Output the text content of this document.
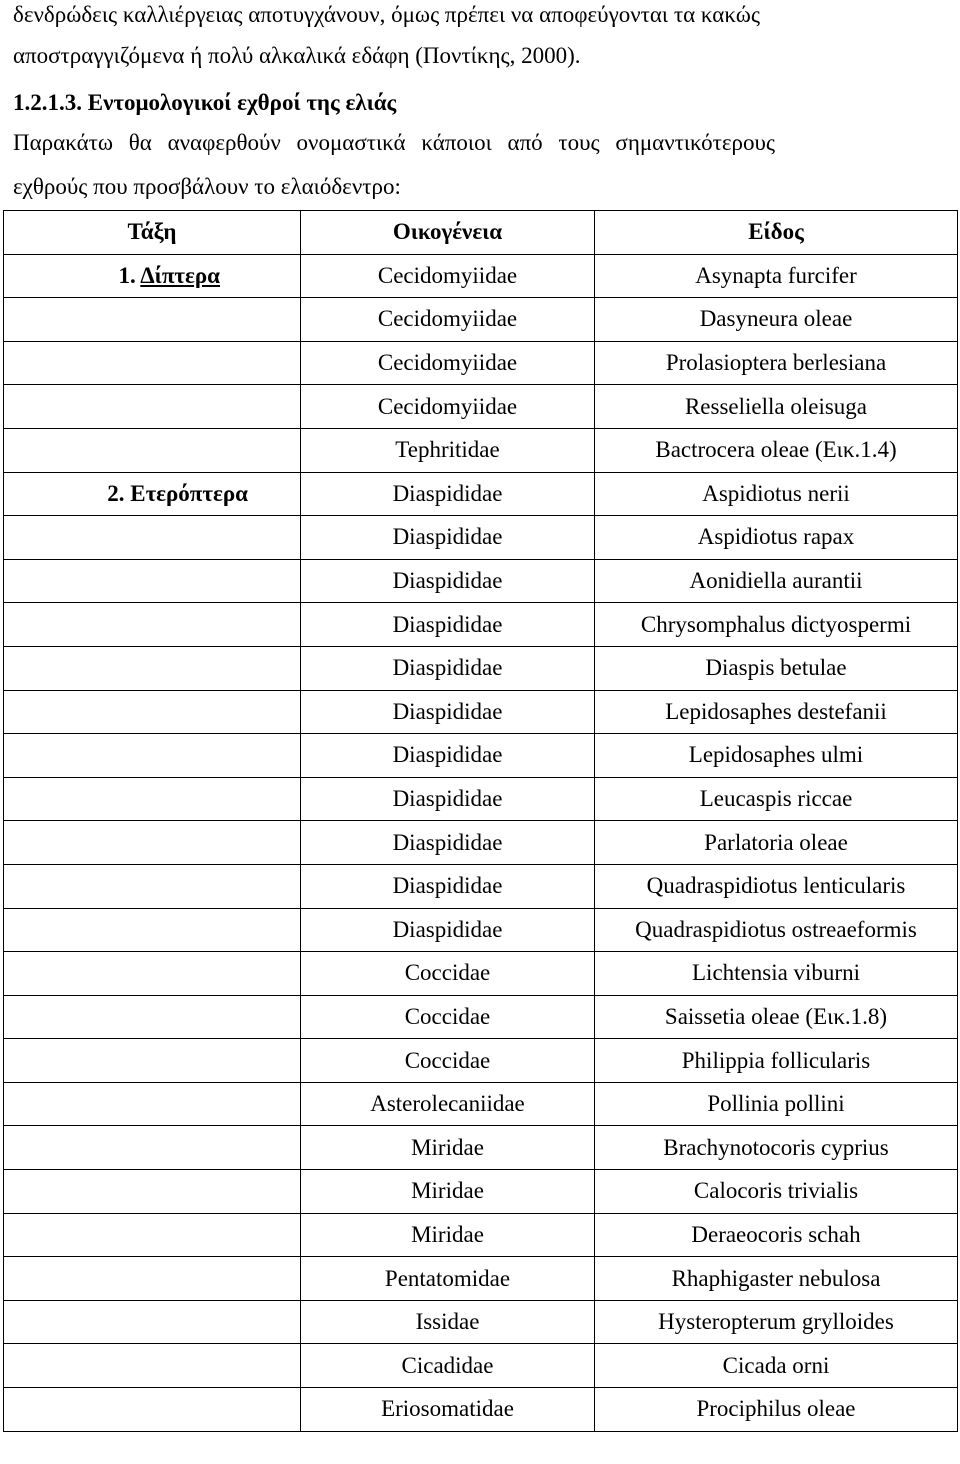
δενδρώδεις καλλιέργειας αποτυγχάνουν, όμως πρέπει να αποφεύγονται τα κακώς
αποστραγγιζόμενα ή πολύ αλκαλικά εδάφη (Ποντίκης, 2000).
1.2.1.3. Εντομολογικοί εχθροί της ελιάς
Παρακάτω θα αναφερθούν ονομαστικά κάποιοι από τους σημαντικότερους
εχθρούς που προσβάλουν το ελαιόδεντρο:
Τάξη	Οικογένεια	Είδος
1. Δίπτερα	Cecidomyiidae	Asynapta furcifer
	Cecidomyiidae	Dasyneura oleae
	Cecidomyiidae	Prolasioptera berlesiana
	Cecidomyiidae	Resseliella oleisuga
	Tephritidae	Bactrocera oleae (Εικ.1.4)
2. Ετερόπτερα	Diaspididae	Aspidiotus nerii
	Diaspididae	Aspidiotus rapax
	Diaspididae	Aonidiella aurantii
	Diaspididae	Chrysomphalus dictyospermi
	Diaspididae	Diaspis betulae
	Diaspididae	Lepidosaphes destefanii
	Diaspididae	Lepidosaphes ulmi
	Diaspididae	Leucaspis riccae
	Diaspididae	Parlatoria oleae
	Diaspididae	Quadraspidiotus lenticularis
	Diaspididae	Quadraspidiotus ostreaeformis
	Coccidae	Lichtensia viburni
	Coccidae	Saissetia oleae (Εικ.1.8)
	Coccidae	Philippia follicularis
	Asterolecaniidae	Pollinia pollini
	Miridae	Brachynotocoris cyprius
	Miridae	Calocoris trivialis
	Miridae	Deraeocoris schah
	Pentatomidae	Rhaphigaster nebulosa
	Issidae	Hysteropterum grylloides
	Cicadidae	Cicada orni
	Eriosomatidae	Prociphilus oleae
